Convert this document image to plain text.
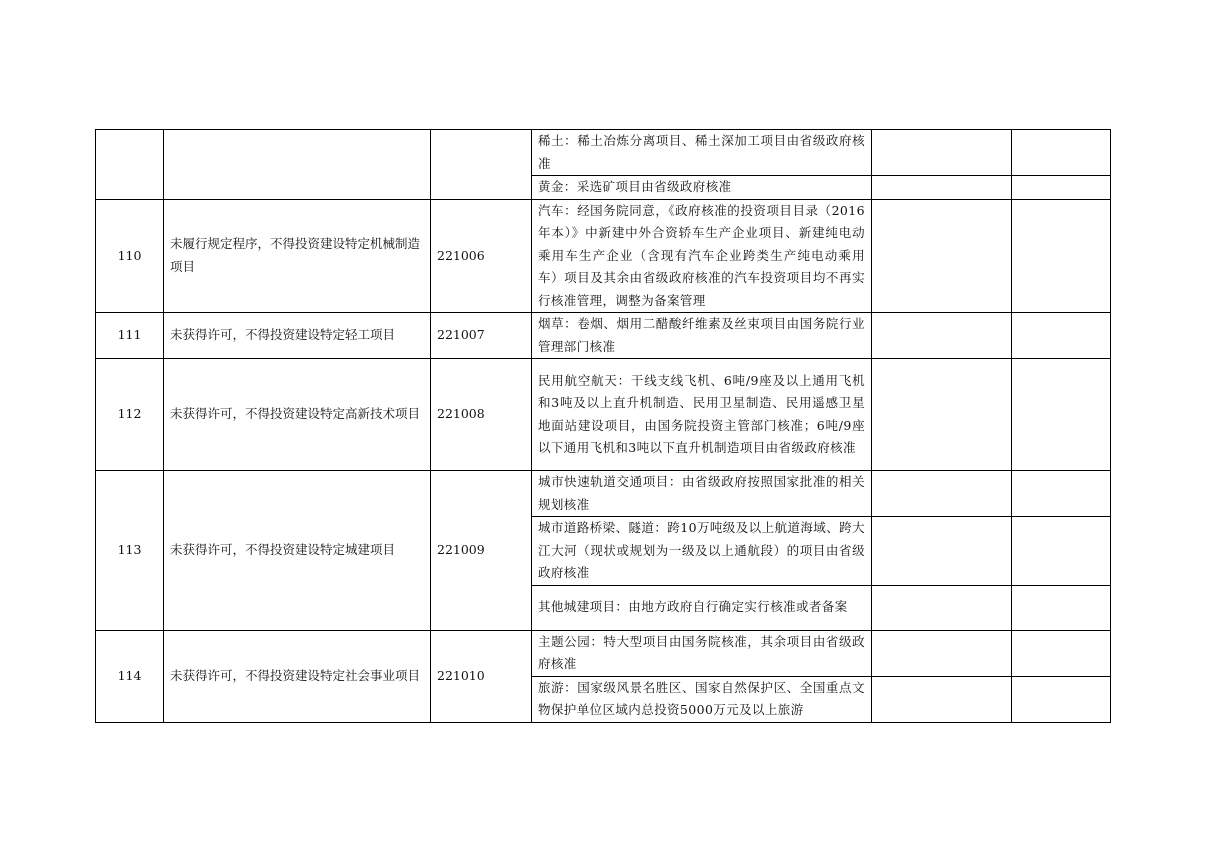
			稀土：稀土冶炼分离项目、稀土深加工项目由省级政府核准		
			黄金：采选矿项目由省级政府核准		
110	未履行规定程序，不得投资建设特定机械制造项目	221006	汽车：经国务院同意，《政府核准的投资项目目录（2016年本）》中新建中外合资轿车生产企业项目、新建纯电动乘用车生产企业（含现有汽车企业跨类生产纯电动乘用车）项目及其余由省级政府核准的汽车投资项目均不再实行核准管理，调整为备案管理		
111	未获得许可，不得投资建设特定轻工项目	221007	烟草：卷烟、烟用二醋酸纤维素及丝束项目由国务院行业管理部门核准		
112	未获得许可，不得投资建设特定高新技术项目	221008	民用航空航天：干线支线飞机、6吨/9座及以上通用飞机和3吨及以上直升机制造、民用卫星制造、民用遥感卫星地面站建设项目，由国务院投资主管部门核准；6吨/9座以下通用飞机和3吨以下直升机制造项目由省级政府核准		
113	未获得许可，不得投资建设特定城建项目	221009	城市快速轨道交通项目：由省级政府按照国家批准的相关规划核准		
			城市道路桥梁、隧道：跨10万吨级及以上航道海域、跨大江大河（现状或规划为一级及以上通航段）的项目由省级政府核准		
			其他城建项目：由地方政府自行确定实行核准或者备案		
114	未获得许可，不得投资建设特定社会事业项目	221010	主题公园：特大型项目由国务院核准，其余项目由省级政府核准		
			旅游：国家级风景名胜区、国家自然保护区、全国重点文物保护单位区域内总投资5000万元及以上旅游		
